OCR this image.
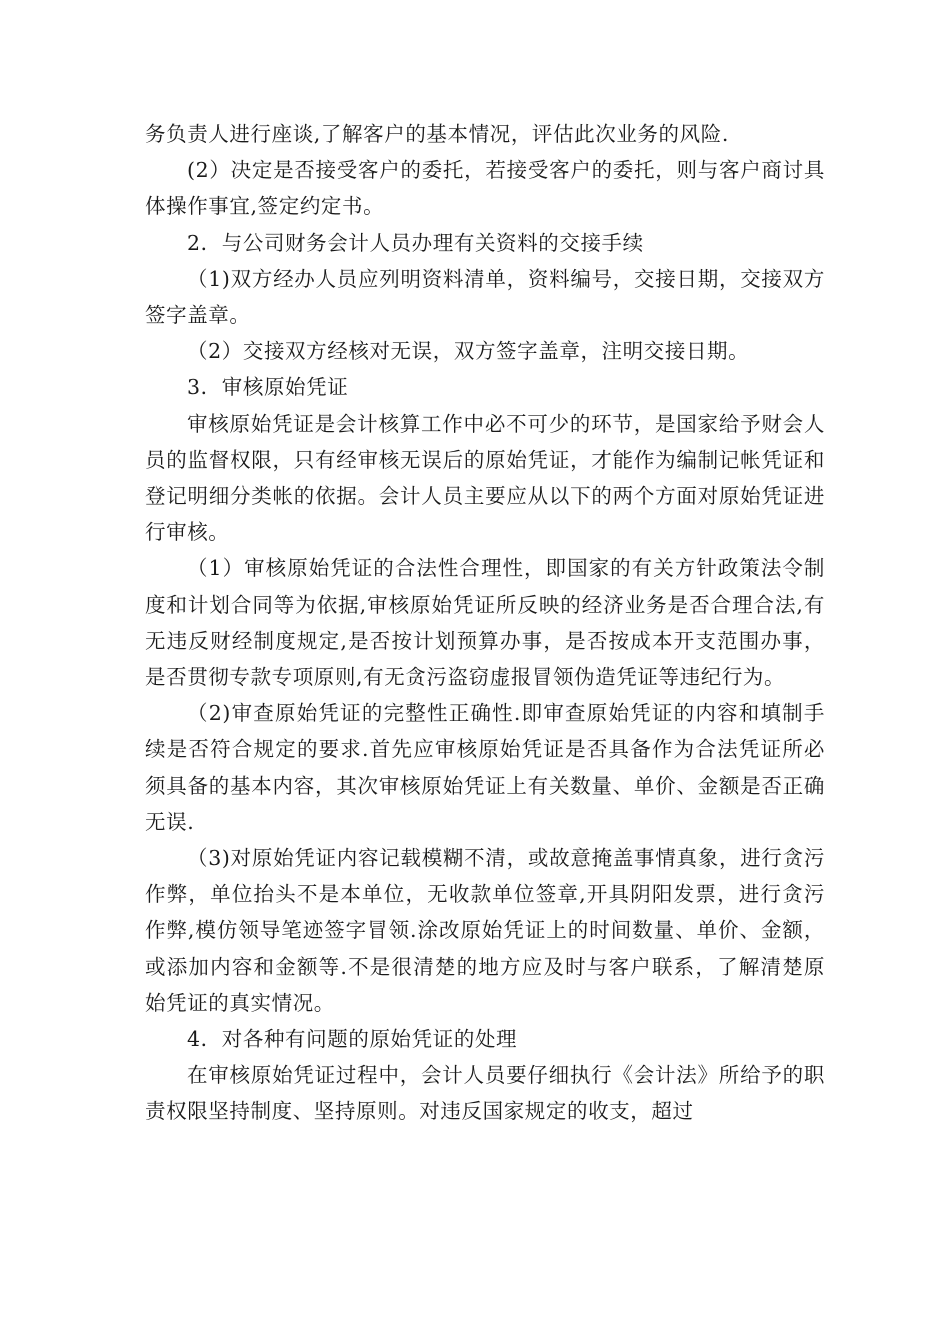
务负责人进行座谈,了解客户的基本情况，评估此次业务的风险.

(2）决定是否接受客户的委托，若接受客户的委托，则与客户商讨具体操作事宜,签定约定书。

2．与公司财务会计人员办理有关资料的交接手续

（1)双方经办人员应列明资料清单，资料编号，交接日期，交接双方签字盖章。

（2）交接双方经核对无误，双方签字盖章，注明交接日期。

3．审核原始凭证

审核原始凭证是会计核算工作中必不可少的环节，是国家给予财会人员的监督权限，只有经审核无误后的原始凭证，才能作为编制记帐凭证和登记明细分类帐的依据。会计人员主要应从以下的两个方面对原始凭证进行审核。

（1）审核原始凭证的合法性合理性，即国家的有关方针政策法令制度和计划合同等为依据,审核原始凭证所反映的经济业务是否合理合法,有无违反财经制度规定,是否按计划预算办事，是否按成本开支范围办事，是否贯彻专款专项原则,有无贪污盗窃虚报冒领伪造凭证等违纪行为。

（2)审查原始凭证的完整性正确性.即审查原始凭证的内容和填制手续是否符合规定的要求.首先应审核原始凭证是否具备作为合法凭证所必须具备的基本内容，其次审核原始凭证上有关数量、单价、金额是否正确无误.

（3)对原始凭证内容记载模糊不清，或故意掩盖事情真象，进行贪污作弊，单位抬头不是本单位，无收款单位签章,开具阴阳发票，进行贪污作弊,模仿领导笔迹签字冒领.涂改原始凭证上的时间数量、单价、金额，或添加内容和金额等.不是很清楚的地方应及时与客户联系，了解清楚原始凭证的真实情况。

4．对各种有问题的原始凭证的处理

在审核原始凭证过程中，会计人员要仔细执行《会计法》所给予的职责权限坚持制度、坚持原则。对违反国家规定的收支，超过
